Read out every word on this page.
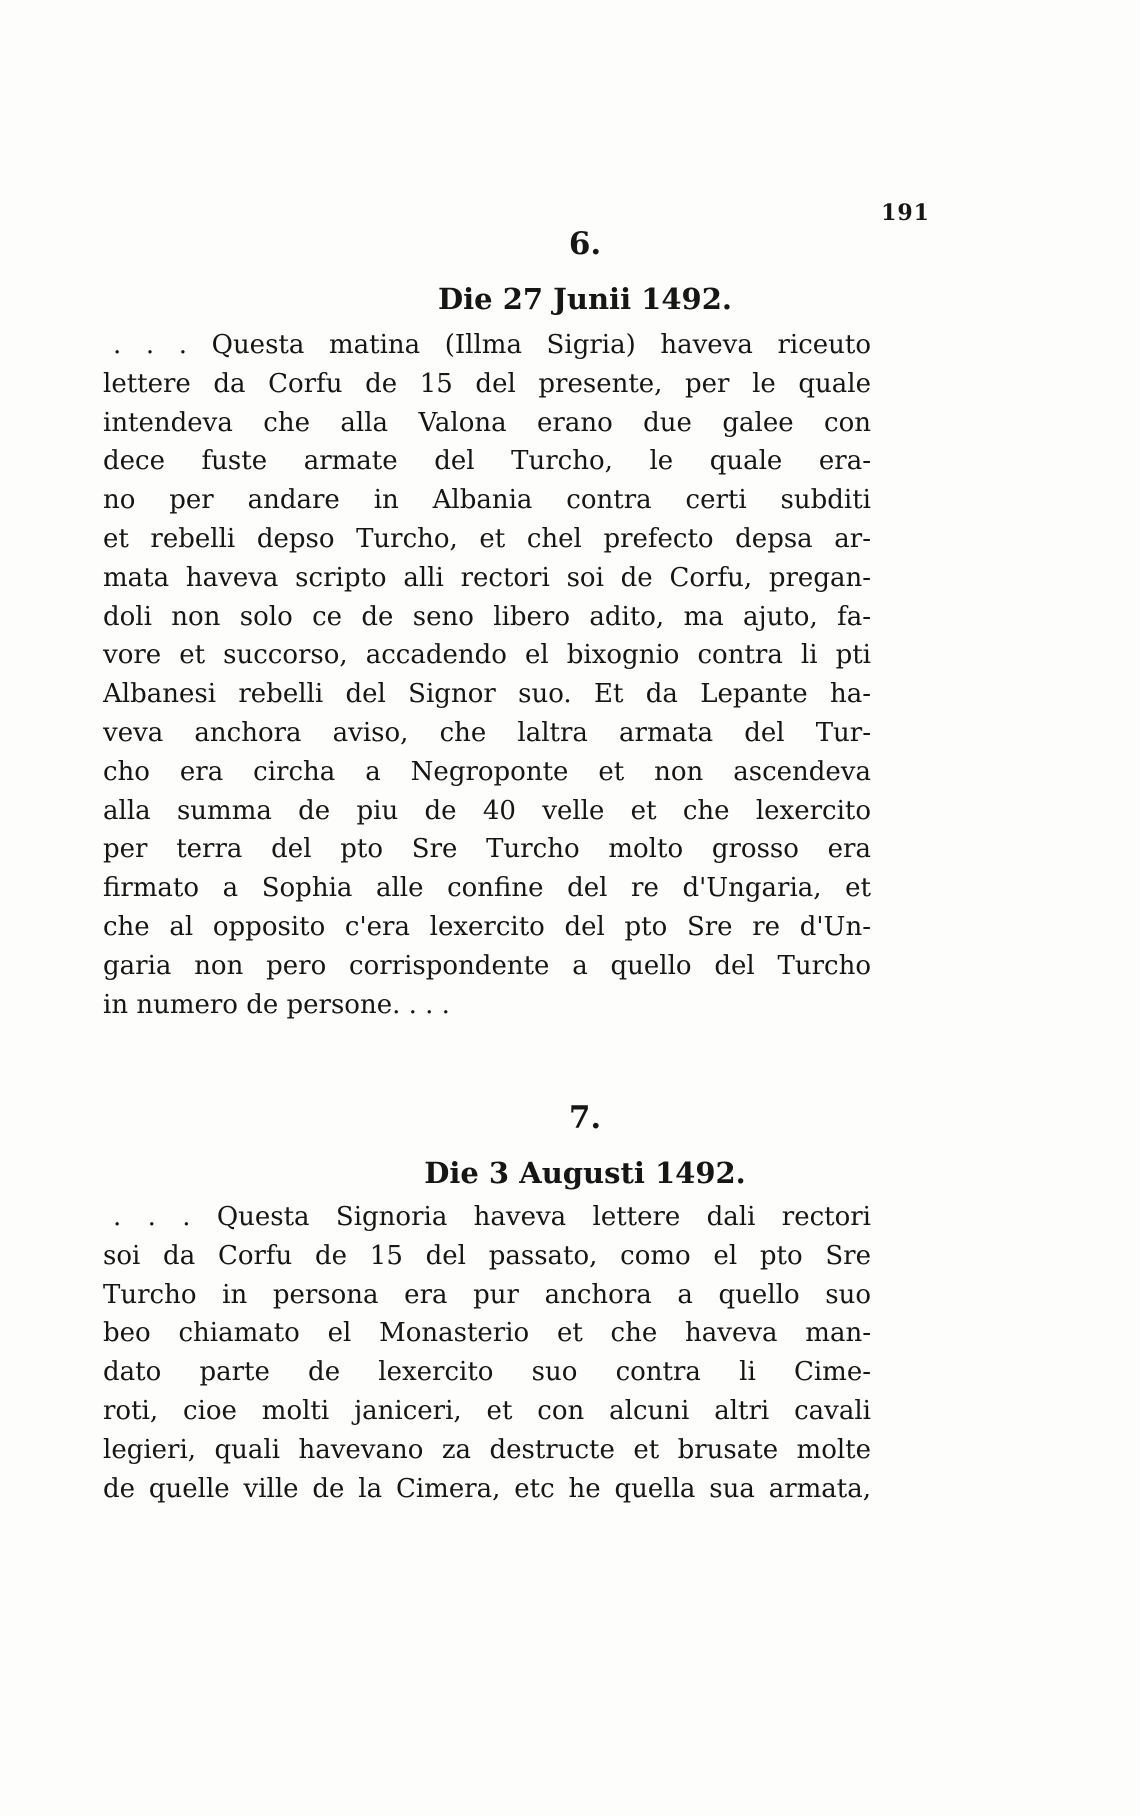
191
6.
Die 27 Junii 1492.
. . . Questa matina (Illma Sigria) haveva riceuto
lettere da Corfu de 15 del presente, per le quale
intendeva che alla Valona erano due galee con
dece fuste armate del Turcho, le quale era-
no per andare in Albania contra certi subditi
et rebelli depso Turcho, et chel prefecto depsa ar-
mata haveva scripto alli rectori soi de Corfu, pregan-
doli non solo ce de seno libero adito, ma ajuto, fa-
vore et succorso, accadendo el bixognio contra li pti
Albanesi rebelli del Signor suo. Et da Lepante ha-
veva anchora aviso, che laltra armata del Tur-
cho era circha a Negroponte et non ascendeva
alla summa de piu de 40 velle et che lexercito
per terra del pto Sre Turcho molto grosso era
firmato a Sophia alle confine del re d'Ungaria, et
che al opposito c'era lexercito del pto Sre re d'Un-
garia non pero corrispondente a quello del Turcho
in numero de persone. . . .
7.
Die 3 Augusti 1492.
. . . Questa Signoria haveva lettere dali rectori
soi da Corfu de 15 del passato, como el pto Sre
Turcho in persona era pur anchora a quello suo
beo chiamato el Monasterio et che haveva man-
dato parte de lexercito suo contra li Cime-
roti, cioe molti janiceri, et con alcuni altri cavali
legieri, quali havevano za destructe et brusate molte
de quelle ville de la Cimera, etc he quella sua armata,
